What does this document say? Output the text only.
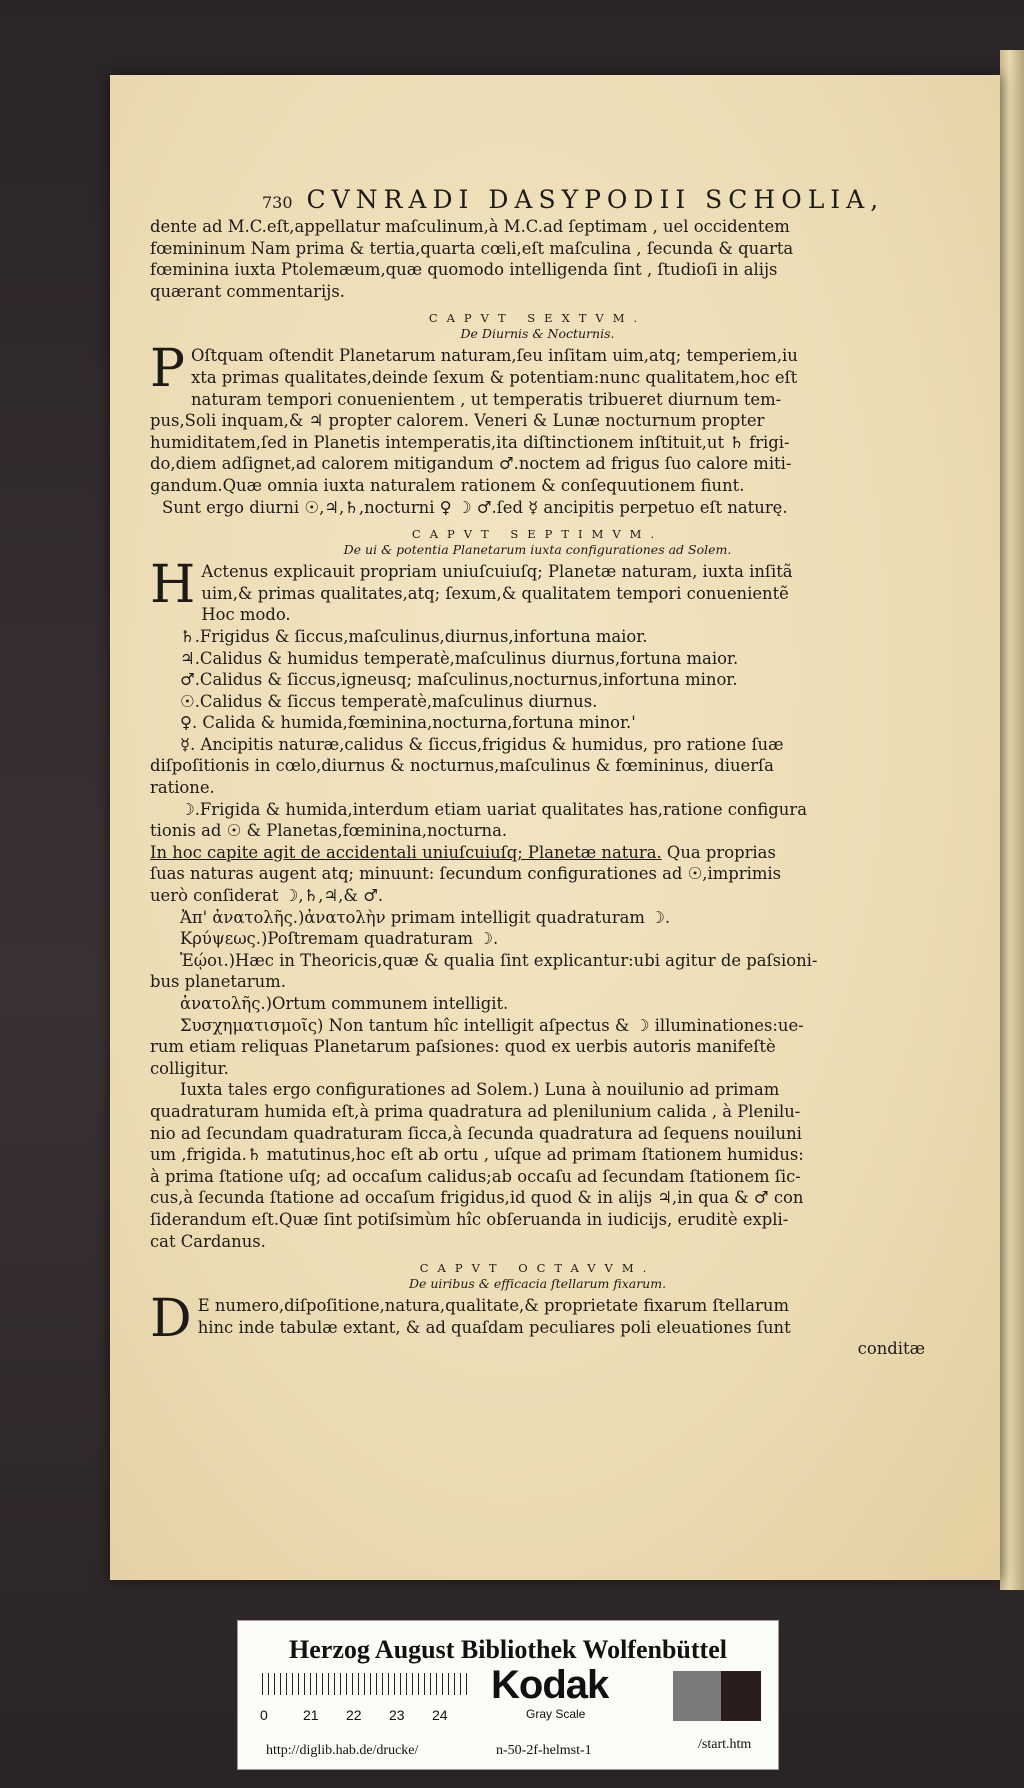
730 CVNRADI DASYPODII SCHOLIA,

dente ad M.C.eſt,appellatur maſculinum,à M.C.ad ſeptimam , uel occidentem

fœmininum Nam prima & tertia,quarta cœli,eſt maſculina , ſecunda & quarta

fœminina iuxta Ptolemæum,quæ quomodo intelligenda ſint , ſtudioſi in alijs

quærant commentarijs.

CAPVT SEXTVM.
De Diurnis & Nocturnis.
P Oſtquam oſtendit Planetarum naturam,ſeu inſitam uim,atq; temperiem,iu

xta primas qualitates,deinde ſexum & potentiam:nunc qualitatem,hoc eſt

naturam tempori conuenientem , ut temperatis tribueret diurnum tem-

pus,Soli inquam,& ♃ propter calorem. Veneri & Lunæ nocturnum propter

humiditatem,ſed in Planetis intemperatis,ita diſtinctionem inſtituit,ut ♄ frigi-

do,diem adſignet,ad calorem mitigandum ♂.noctem ad frigus ſuo calore miti-

gandum.Quæ omnia iuxta naturalem rationem & conſequutionem fiunt.

Sunt ergo diurni ☉,♃,♄,nocturni ♀ ☽ ♂.ſed ☿ ancipitis perpetuo eſt naturę.

CAPVT SEPTIMVM.
De ui & potentia Planetarum iuxta configurationes ad Solem.
H Actenus explicauit propriam uniuſcuiuſq; Planetæ naturam, iuxta inſitã

uim,& primas qualitates,atq; ſexum,& qualitatem tempori conuenientẽ

Hoc modo.

♄.Frigidus & ſiccus,maſculinus,diurnus,infortuna maior.

♃.Calidus & humidus temperatè,maſculinus diurnus,fortuna maior.

♂.Calidus & ſiccus,igneusq; maſculinus,nocturnus,infortuna minor.

☉.Calidus & ſiccus temperatè,maſculinus diurnus.

♀. Calida & humida,fœminina,nocturna,fortuna minor.'

☿. Ancipitis naturæ,calidus & ſiccus,frigidus & humidus, pro ratione ſuæ

diſpoſitionis in cœlo,diurnus & nocturnus,maſculinus & fœmininus, diuerſa

ratione.

☽.Frigida & humida,interdum etiam uariat qualitates has,ratione configura

tionis ad ☉ & Planetas,fœminina,nocturna.

In hoc capite agit de accidentali uniuſcuiuſq; Planetæ natura. Qua proprias

ſuas naturas augent atq; minuunt: ſecundum configurationes ad ☉,imprimis

uerò conſiderat ☽,♄,♃,& ♂.

Ἀπ' ἀνατολῆς.)ἀνατολὴν primam intelligit quadraturam ☽.

Κρύψεως.)Poſtremam quadraturam ☽.

Ἑῴοι.)Hæc in Theoricis,quæ & qualia ſint explicantur:ubi agitur de paſsioni-

bus planetarum.

ἀνατολῆς.)Ortum communem intelligit.

Συσχηματισμοῖς) Non tantum hîc intelligit aſpectus & ☽ illuminationes:ue-

rum etiam reliquas Planetarum paſsiones: quod ex uerbis autoris manifeſtè

colligitur.

Iuxta tales ergo configurationes ad Solem.) Luna à nouilunio ad primam

quadraturam humida eſt,à prima quadratura ad plenilunium calida , à Plenilu-

nio ad ſecundam quadraturam ſicca,à ſecunda quadratura ad ſequens nouiluni

um ,frigida.♄ matutinus,hoc eſt ab ortu , uſque ad primam ſtationem humidus:

à prima ſtatione uſq; ad occaſum calidus;ab occaſu ad ſecundam ſtationem ſic-

cus,à ſecunda ſtatione ad occaſum frigidus,id quod & in alijs ♃,in qua & ♂ con

ſiderandum eſt.Quæ ſint potiſsimùm hîc obſeruanda in iudicijs, eruditè expli-

cat Cardanus.

CAPVT OCTAVVM.
De uiribus & efficacia ſtellarum fixarum.
D E numero,diſpoſitione,natura,qualitate,& proprietate fixarum ſtellarum

hinc inde tabulæ extant, & ad quaſdam peculiares poli eleuationes ſunt

conditæ

Herzog August Bibliothek Wolfenbüttel
0	21 22 23 24
Kodak
Gray Scale
http://diglib.hab.de/drucke/	n-50-2f-helmst-1	/start.htm
